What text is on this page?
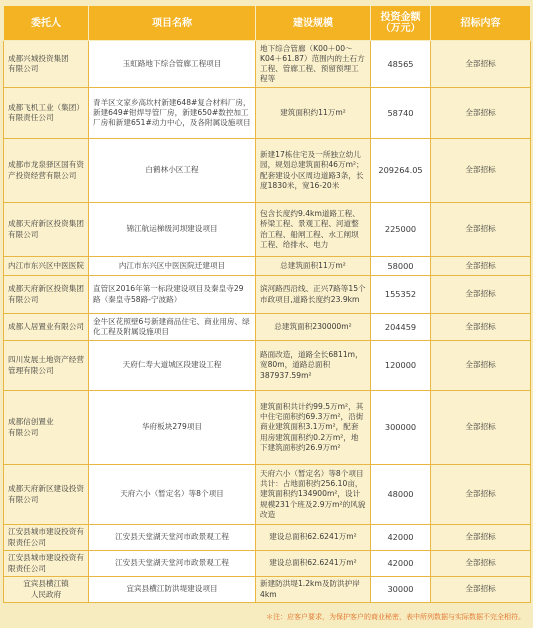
委托人	项目名称	建设规模	投资金额
（万元）	招标内容
成都兴城投资集团
有限公司	玉虹路地下综合管廊工程项目	地下综合管廊（K00＋00～K04＋61.87）范围内的土石方工程、管廊工程、预留预埋工程等	48565	全部招标
成都飞机工业（集团）有限责任公司	青羊区文家乡高坎村新建648#复合材料厂房，新建649#钳焊导管厂房，新建650#数控加工厂房和新建651#动力中心，及各附属设施项目	建筑面积约11万m²	58740	全部招标
成都市龙泉驿区国有资产投资经营有限公司	白鹤林小区工程	新建17栋住宅及一所独立幼儿园，规划总建筑面积46万m²；配套建设小区周边道路3条，长度1830米，宽16-20米	209264.05	全部招标
成都天府新区投资集团有限公司	锦江航运梯级河坝建设项目	包含长度约9.4km道路工程、桥梁工程、景观工程、河道整治工程、船闸工程、水工闸坝工程、给排水、电力	225000	全部招标
内江市东兴区中医医院	内江市东兴区中医医院迁建项目	总建筑面积11万m²	58000	全部招标
成都天府新区投资集团有限公司	直管区2016年第一标段建设项目及秦皇寺29路（秦皇寺58路-宁波路）	滨河路西沿线、正兴7路等15个市政项目,道路长度约23.9km	155352	全部招标
成都人居置业有限公司	金牛区花照壁6号新建商品住宅、商业用房、绿化工程及附属设施项目	总建筑面积230000m²	204459	全部招标
四川发展土地资产经营管理有限公司	天府仁寿大道城区段建设工程	路面改造，道路全长6811m，宽80m，道路总面积387937.59m²	120000	全部招标
成都信创置业
有限公司	华府板块279项目	建筑面积共计约99.5万m²，其中住宅面积约69.3万m²，沿街商业建筑面积3.1万m²，配套用房建筑面积约0.2万m²，地下建筑面积约26.9万m²	300000	全部招标
成都天府新区建设投资有限公司	天府六小（暂定名）等8个项目	天府六小（暂定名）等8个项目共计：占地面积约256.10亩，建筑面积约134900m²，设计规模231个班及2.9万m²的风貌改造	48000	全部招标
江安县城市建设投资有限责任公司	江安县天堂湖天堂河市政景观工程	建设总面积62.6241万m²	42000	全部招标
江安县城市建设投资有限责任公司	江安县天堂湖天堂河市政景观工程	建设总面积62.6241万m²	42000	全部招标
宜宾县横江镇
人民政府	宜宾县横江防洪堤建设项目	新建防洪堤1.2km及防洪护岸4km	30000	全部招标
＊注：应客户要求，为保护客户的商业秘密，表中所列数据与实际数据不完全相符。
